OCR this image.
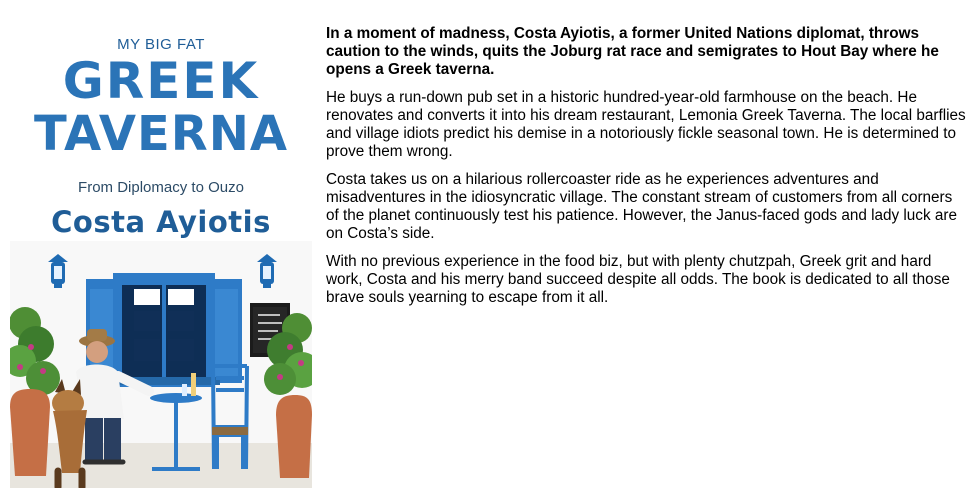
MY BIG FAT
GREEK
TAVERNA
From Diplomacy to Ouzo
Costa Ayiotis

In a moment of madness, Costa Ayiotis, a former United Nations diplomat, throws caution to the winds, quits the Joburg rat race and semigrates to Hout Bay where he opens a Greek taverna.

He buys a run-down pub set in a historic hundred-year-old farmhouse on the beach. He renovates and converts it into his dream restaurant, Lemonia Greek Taverna. The local barflies and village idiots predict his demise in a notoriously fickle seasonal town. He is determined to prove them wrong.

Costa takes us on a hilarious rollercoaster ride as he experiences adventures and misadventures in the idiosyncratic village. The constant stream of customers from all corners of the planet continuously test his patience. However, the Janus-faced gods and lady luck are on Costa’s side.

With no previous experience in the food biz, but with plenty chutzpah, Greek grit and hard work, Costa and his merry band succeed despite all odds. The book is dedicated to all those brave souls yearning to escape from it all.
